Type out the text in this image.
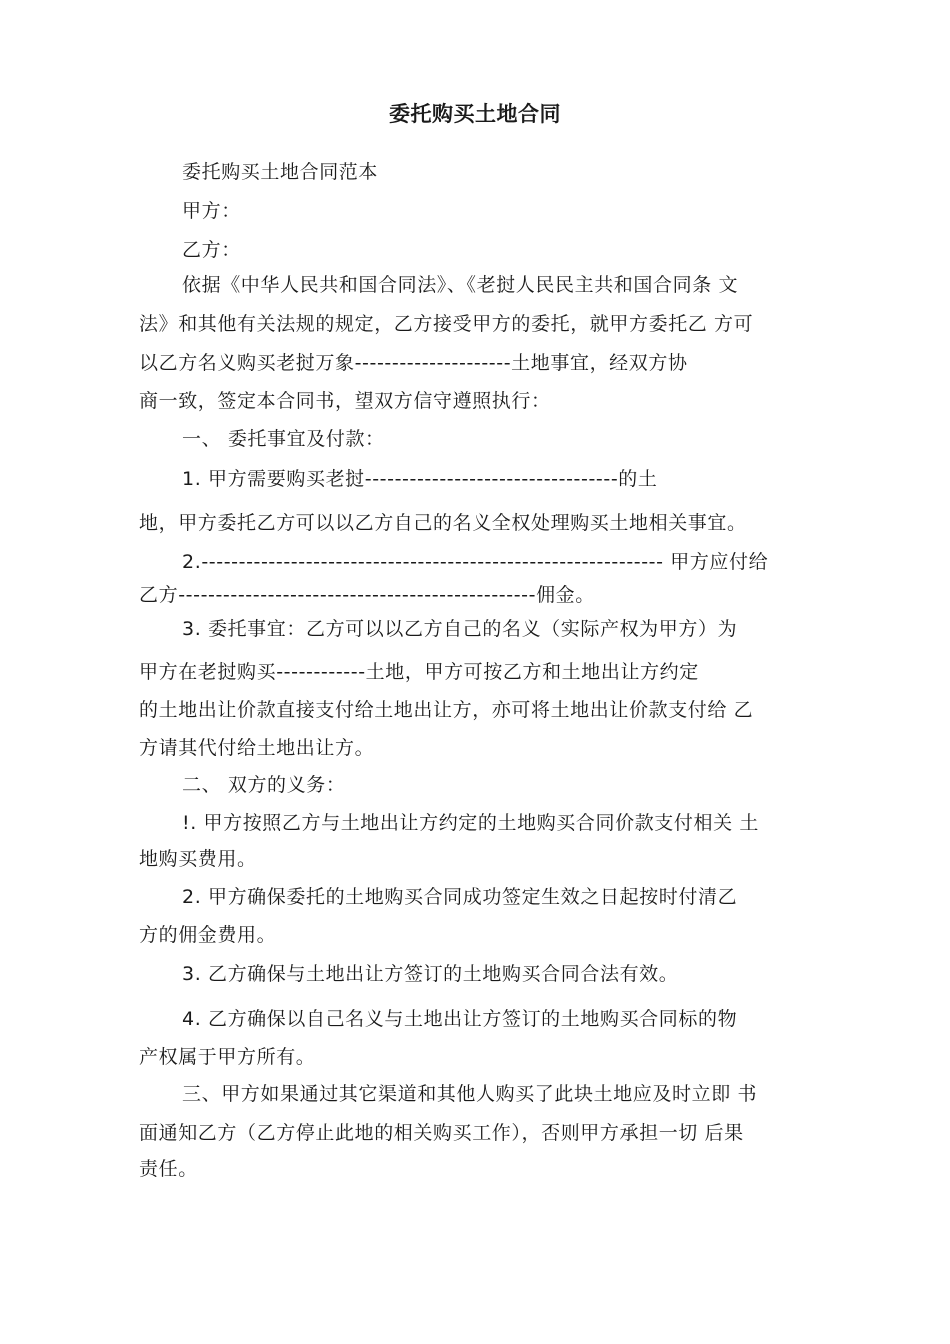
委托购买土地合同
委托购买土地合同范本
甲方：
乙方：
依据《中华人民共和国合同法》、《老挝人民民主共和国合同条 文
法》和其他有关法规的规定，乙方接受甲方的委托，就甲方委托乙 方可
以乙方名义购买老挝万象---------------------土地事宜，经双方协
商一致，签定本合同书，望双方信守遵照执行：
一、 委托事宜及付款：
1. 甲方需要购买老挝----------------------------------的土
地，甲方委托乙方可以以乙方自己的名义全权处理购买土地相关事宜。
2.-------------------------------------------------------------- 甲方应付给
乙方------------------------------------------------佣金。
3. 委托事宜：乙方可以以乙方自己的名义（实际产权为甲方）为
甲方在老挝购买------------土地，甲方可按乙方和土地出让方约定
的土地出让价款直接支付给土地出让方，亦可将土地出让价款支付给 乙
方请其代付给土地出让方。
二、 双方的义务：
!. 甲方按照乙方与土地出让方约定的土地购买合同价款支付相关 土
地购买费用。
2. 甲方确保委托的土地购买合同成功签定生效之日起按时付清乙
方的佣金费用。
3. 乙方确保与土地出让方签订的土地购买合同合法有效。
4. 乙方确保以自己名义与土地出让方签订的土地购买合同标的物
产权属于甲方所有。
三、甲方如果通过其它渠道和其他人购买了此块土地应及时立即 书
面通知乙方（乙方停止此地的相关购买工作），否则甲方承担一切 后果
责任。
